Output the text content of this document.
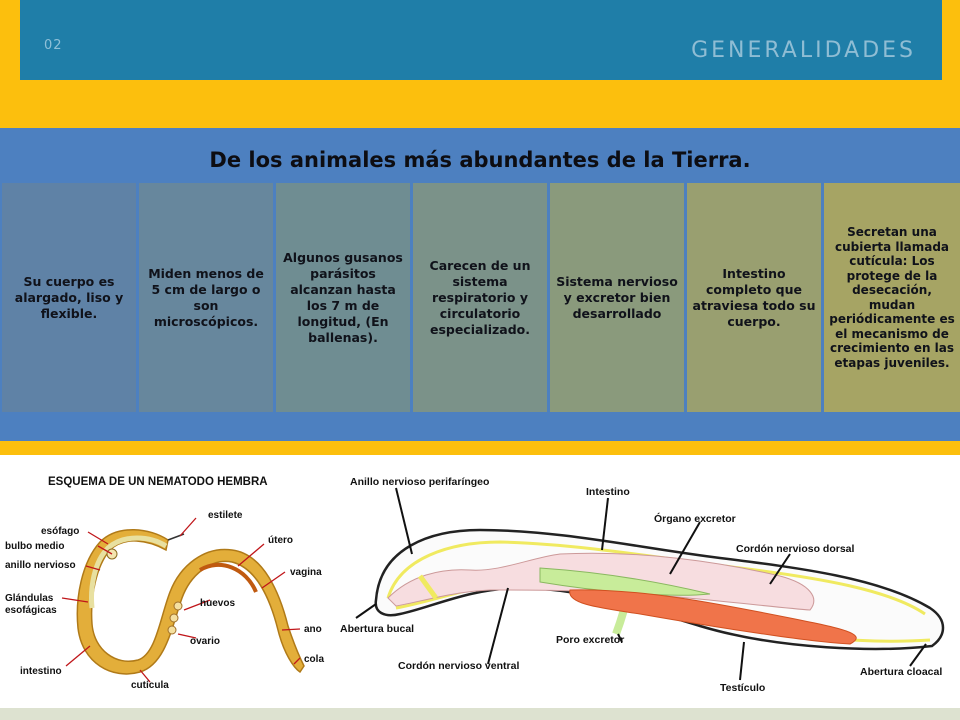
02	GENERALIDADES
De los animales más abundantes de la Tierra.
Su cuerpo es alargado, liso y flexible.
Miden menos de 5 cm de largo o son microscópicos.
Algunos gusanos parásitos alcanzan hasta los 7 m de longitud, (En ballenas).
Carecen de un sistema respiratorio y circulatorio especializado.
Sistema nervioso y excretor bien desarrollado
Intestino completo que atraviesa todo su cuerpo.
Secretan una cubierta llamada cutícula: Los protege de la desecación, mudan periódicamente es el mecanismo de crecimiento en las etapas juveniles.
ESQUEMA DE UN NEMATODO HEMBRA
estilete
esófago
bulbo medio
anillo nervioso
útero
vagina
Glándulas
esofágicas
huevos
ano
ovario
cola
intestino
cutícula
Anillo nervioso perifaríngeo
Intestino
Órgano excretor
Cordón nervioso dorsal
Abertura bucal
Poro excretor
Cordón nervioso ventral
Testículo
Abertura cloacal
